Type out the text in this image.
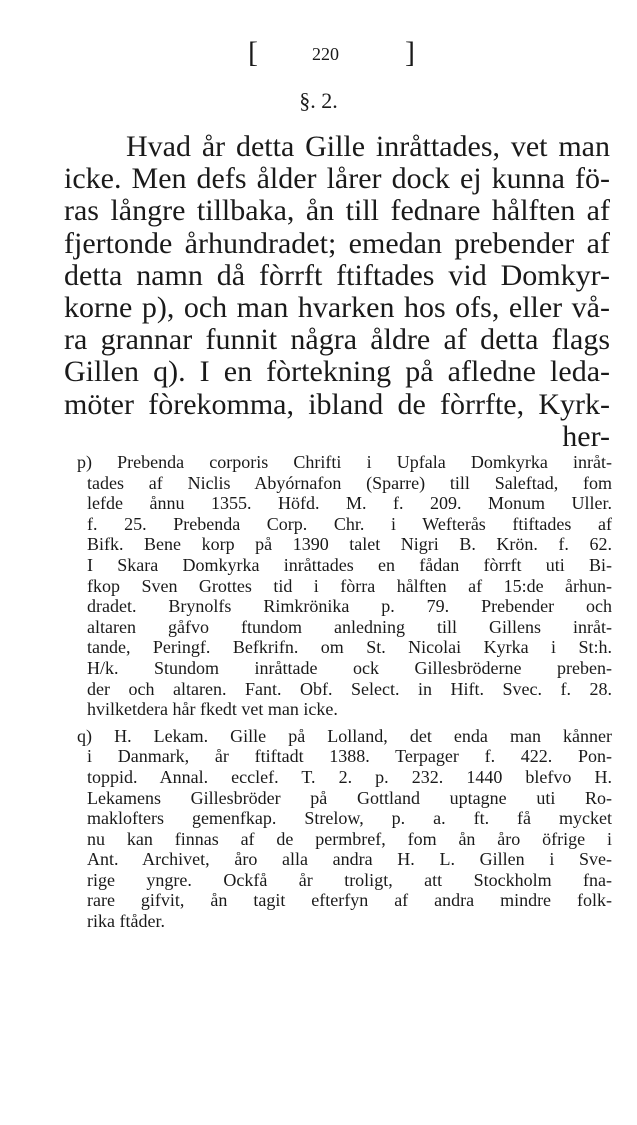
[	220 ]
§. 2.
Hvad år detta Gille inråttades, vet man
icke. Men defs ålder lårer dock ej kunna fö-
ras långre tillbaka, ån till fednare hålften af
fjertonde århundradet; emedan prebender af
detta namn då fòrrft ftiftades vid Domkyr-
korne p), och man hvarken hos ofs, eller vå-
ra grannar funnit några åldre af detta flags
Gillen q). I en fòrtekning på afledne leda-
möter fòrekomma, ibland de fòrrfte, Kyrk-
her-
p) Prebenda corporis Chrifti i Upfala Domkyrka inråt-
tades af Niclis Abyórnafon (Sparre) till Saleftad, fom
lefde ånnu 1355. Höfd. M. f. 209. Monum Uller.
f. 25. Prebenda Corp. Chr. i Wefterås ftiftades af
Bifk. Bene korp på 1390 talet Nigri B. Krön. f. 62.
I Skara Domkyrka inråttades en fådan fòrrft uti Bi-
fkop Sven Grottes tid i fòrra hålften af 15:de århun-
dradet. Brynolfs Rimkrönika p. 79. Prebender och
altaren gåfvo ftundom anledning till Gillens inråt-
tande, Peringf. Befkrifn. om St. Nicolai Kyrka i St:h.
H/k. Stundom inråttade ock Gillesbröderne preben-
der och altaren. Fant. Obf. Select. in Hift. Svec. f. 28.
hvilketdera hår fkedt vet man icke.
q) H. Lekam. Gille på Lolland, det enda man kånner
i Danmark, år ftiftadt 1388. Terpager f. 422. Pon-
toppid. Annal. ecclef. T. 2. p. 232. 1440 blefvo H.
Lekamens Gillesbröder på Gottland uptagne uti Ro-
maklofters gemenfkap. Strelow, p. a. ft. få mycket
nu kan finnas af de permbref, fom ån åro öfrige i
Ant. Archivet, åro alla andra H. L. Gillen i Sve-
rige yngre. Ockfå år troligt, att Stockholm fna-
rare gifvit, ån tagit efterfyn af andra mindre folk-
rika ftåder.
